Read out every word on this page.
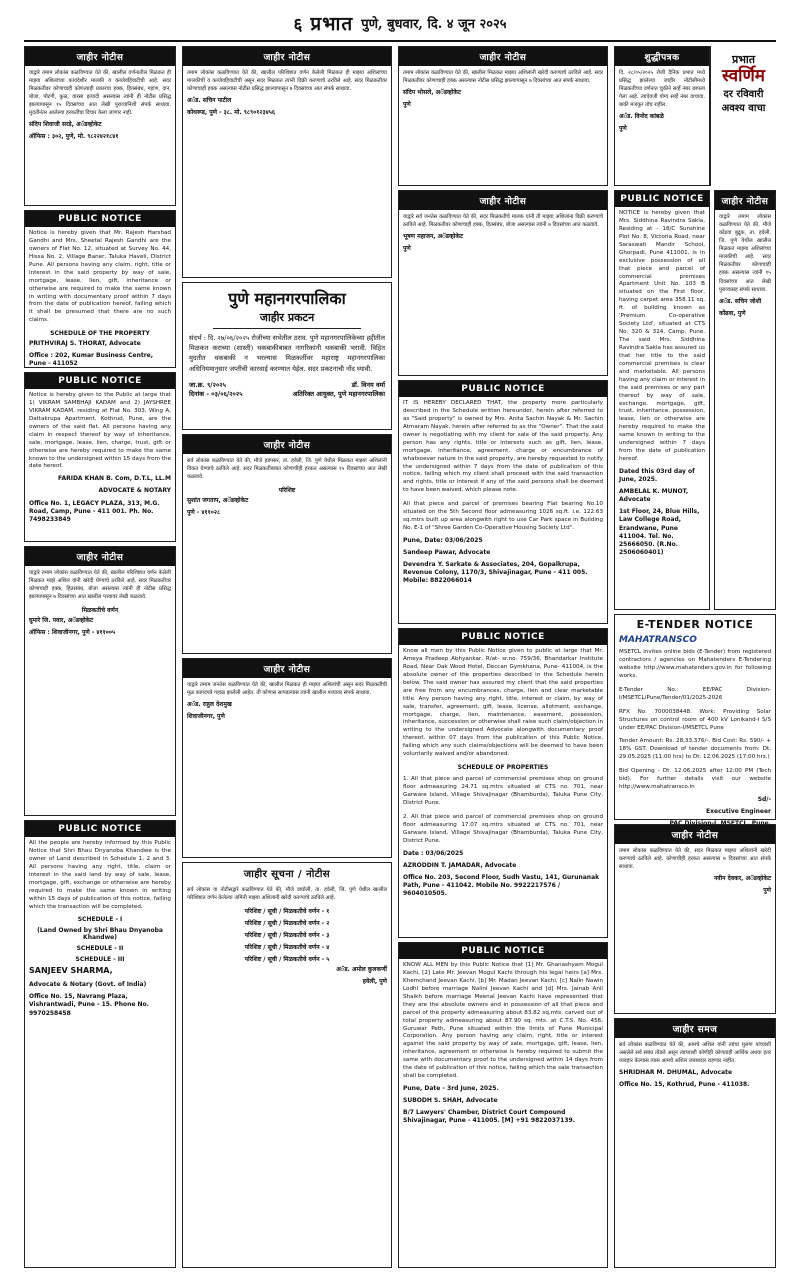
६ प्रभात पुणे, बुधवार, दि. ४ जून २०२५
जाहीर नोटीस
याद्वारे तमाम लोकांस कळविण्यात येते की, खालील वर्णनातील मिळकत ही माझ्या अशिलांच्या कायदेशीर मालकी व कब्जेवहिवाटीची आहे. सदर मिळकतीवर कोणाचाही कोणत्याही प्रकारचा हक्क, हितसंबंध, गहाण, दान, बोजा, पोटगी, कुळ, वारसा इत्यादी असल्यास त्यांनी ही नोटीस प्रसिद्ध झाल्यापासून १५ दिवसांच्या आत लेखी पुराव्यानिशी संपर्क साधावा. मुदतीनंतर आलेल्या हरकतींचा विचार केला जाणार नाही.
संदिप शिवाजी सरडे, अॅडव्होकेट
ऑफिस : ३०२, पुणे, मो. ९८२२४२१८४१
PUBLIC NOTICE
Notice is hereby given that Mr. Rajesh Harshad Gandhi and Mrs. Sheetal Rajesh Gandhi are the owners of Flat No. 12, situated at Survey No. 44, Hissa No. 2, Village Baner, Taluka Haveli, District Pune. All persons having any claim, right, title or interest in the said property by way of sale, mortgage, lease, lien, gift, inheritance or otherwise are required to make the same known in writing with documentary proof within 7 days from the date of publication hereof, failing which it shall be presumed that there are no such claims.
SCHEDULE OF THE PROPERTY
PRITHVIRAJ S. THORAT, Advocate
Office : 202, Kumar Business Centre, Pune - 411052
PUBLIC NOTICE
Notice is hereby given to the Public at large that 1) VIKRAM SAMBHAJI KADAM and 2) JAYSHREE VIKRAM KADAM, residing at Flat No. 303, Wing A, Dattakrupa Apartment, Kothrud, Pune, are the owners of the said flat. All persons having any claim in respect thereof by way of inheritance, sale, mortgage, lease, lien, charge, trust, gift or otherwise are hereby required to make the same known to the undersigned within 15 days from the date hereof.
FARIDA KHAN B. Com, D.T.L, LL.M
ADVOCATE & NOTARY
Office No. 1, LEGACY PLAZA, 313, M.G. Road, Camp, Pune - 411 001. Ph. No. 7498233849
जाहीर नोटीस
याद्वारे तमाम लोकांस कळविण्यात येते की, खालील परिशिष्टात वर्णन केलेली मिळकत माझे अशिल यांनी खरेदी घेण्याचे ठरविले आहे. सदर मिळकतीवर कोणाचाही हक्क, हितसंबंध, बोजा असल्यास त्यांनी ही नोटीस प्रसिद्ध झाल्यापासून ७ दिवसांच्या आत खालील पत्त्यावर लेखी कळवावे.
मिळकतीचे वर्णन
घुमारे जि. पवार, अॅडव्होकेट
ऑफिस : शिवाजीनगर, पुणे - ४११००५
PUBLIC NOTICE
All the people are hereby informed by this Public Notice that Shri Bhau Dnyanoba Khandwe is the owner of Land described in Schedule 1, 2 and 3. All persons having any right, title, claim or interest in the said land by way of sale, lease, mortgage, gift, exchange or otherwise are hereby required to make the same known in writing within 15 days of publication of this notice, failing which the transaction will be completed.
SCHEDULE - I
(Land Owned by Shri Bhau Dnyanoba Khandwe)
SCHEDULE - II
SCHEDULE - III
SANJEEV SHARMA,
Advocate & Notary (Govt. of India)
Office No. 15, Navrang Plaza, Vishrantwadi, Pune - 15. Phone No. 9970258458
जाहीर नोटीस
तमाम लोकांस कळविण्यात येते की, खालील परिशिष्टात वर्णन केलेली मिळकत ही माझ्या अशिलांच्या मालकीची व कब्जेवहिवाटीची असून सदर मिळकत त्यांनी विक्री करण्याचे ठरविले आहे. सदर मिळकतीवर कोणाचाही हक्क असल्यास नोटीस प्रसिद्ध झाल्यापासून ७ दिवसांच्या आत संपर्क साधावा.
अॅड. सचिन पाटील
कोथरूड, पुणे - ३८. मो. ९८९०१२३४५६
पुणे महानगरपालिका
जाहीर प्रकटन
संदर्भ : दि. २७/०६/२०२५ रोजीच्या सभेतील ठराव. पुणे महानगरपालिकेच्या हद्दीतील मिळकत कराच्या (शास्ती) थकबाकीबाबत नागरिकांनी थकबाकी भरावी. विहित मुदतीत थकबाकी न भरल्यास मिळकतींवर महाराष्ट्र महानगरपालिका अधिनियमानुसार जप्तीची कारवाई करण्यात येईल. सदर प्रकटनाची नोंद घ्यावी.
जा.क्र. ९/२०२५
दिनांक - ०३/०६/२०२५
डॉ. विनय वर्मा
अतिरिक्त आयुक्त, पुणे महानगरपालिका
जाहीर नोटीस
सर्व लोकांस कळविण्यात येते की, मौजे हडपसर, ता. हवेली, जि. पुणे येथील मिळकत माझ्या अशिलांनी विकत घेण्याचे ठरविले आहे. सदर मिळकतीबाबत कोणाचीही हरकत असल्यास १५ दिवसांच्या आत लेखी कळवावे.
परिशिष्ट
सुशांत जगताप, अॅडव्होकेट
पुणे - ४११०२८
जाहीर नोटीस
याद्वारे तमाम जनतेस कळविण्यात येते की, खालील मिळकत ही माझ्या अशिलांची असून सदर मिळकतीची मूळ कागदपत्रे गहाळ झालेली आहेत. ती कोणास सापडल्यास त्यांनी खालील पत्त्यावर संपर्क साधावा.
अॅड. राहुल देशमुख
शिवाजीनगर, पुणे
जाहीर सूचना / नोटीस
सर्व लोकांस या नोटीसद्वारे कळविण्यात येते की, मौजे वाघोली, ता. हवेली, जि. पुणे येथील खालील परिशिष्टात वर्णन केलेल्या जमिनी माझ्या अशिलांनी खरेदी करण्याचे ठरविले आहे.
परिशिष्ट / सूची / मिळकतीचे वर्णन - १
परिशिष्ट / सूची / मिळकतीचे वर्णन - २
परिशिष्ट / सूची / मिळकतीचे वर्णन - ३
परिशिष्ट / सूची / मिळकतीचे वर्णन - ४
परिशिष्ट / सूची / मिळकतीचे वर्णन - ५
अॅड. अमोल कुलकर्णी
हवेली, पुणे
जाहीर नोटीस
तमाम लोकांस कळविण्यात येते की, खालील मिळकत माझ्या अशिलांनी खरेदी करण्याचे ठरविले आहे. सदर मिळकतीवर कोणाचाही हक्क असल्यास नोटीस प्रसिद्ध झाल्यापासून ७ दिवसांच्या आत संपर्क साधावा.
संदिप भोसले, अॅडव्होकेट
पुणे
जाहीर नोटीस
याद्वारे सर्व जनतेस कळविण्यात येते की, सदर मिळकतीचे मालक यांनी ती माझ्या अशिलांना विक्री करण्याचे ठरविले आहे. मिळकतीवर कोणाचाही हक्क, हितसंबंध, बोजा असल्यास त्यांनी ७ दिवसांच्या आत कळवावे.
भूषण महाजन, अॅडव्होकेट
पुणे
PUBLIC NOTICE
IT IS HEREBY DECLARED THAT, the property more particularly described in the Schedule written hereunder, herein after referred to as "Said property" is owned by Mrs. Anita Sachin Nayak & Mr. Sachin Atmaram Nayak, herein after referred to as the "Owner". That the said owner is negotiating with my client for sale of the said property. Any person has any rights, title or interests such as gift, lien, lease, mortgage, inheritance, agreement, charge or encumbrance of whatsoever nature in the said property, are hereby requested to notify the undersigned within 7 days from the date of publication of this notice, failing which my client shall proceed with the said transaction and rights, title or interest if any of the said persons shall be deemed to have been waived, which please note.
All that piece and parcel of premises bearing Flat bearing No.10 situated on the 5th Second floor admeasuring 1026 sq.ft. i.e. 122.63 sq.mtrs built up area alongwith right to use Car Park space in Building No. E-1 of "Shree Garden Co-Operative Housing Society Ltd".
Pune, Date: 03/06/2025
Sandeep Pawar, Advocate
Devendra Y. Sarkate & Associates, 204, Gopalkrupa, Revenue Colony, 1170/3, Shivajinagar, Pune - 411 005. Mobile: 8822066014
PUBLIC NOTICE
Know all men by this Public Notice given to public at large that Mr. Ameya Pradeep Abhyankar, R/at- sr.no. 759/36, Bhandarkar Institute Road, Near Oak Wood Hotel, Deccan Gymkhana, Pune- 411004, is the absolute owner of the properties described in the Schedule herein below. The said owner has assured my client that the said properties are free from any encumbrances, charge, lien and clear marketable title. Any person having any right, title, interest or claim, by way of sale, transfer, agreement, gift, lease, license, allotment, exchange, mortgage, charge, lien, maintenance, easement, possession, inheritance, succession or otherwise shall raise such claim/objection in writing to the undersigned Advocate alongwith documentary proof thereof, within 07 days from the publication of this Public Notice, failing which any such claims/objections will be deemed to have been voluntarily waived and/or abandoned.
SCHEDULE OF PROPERTIES
1. All that piece and parcel of commercial premises shop on ground floor admeasuring 24.71 sq.mtrs situated at CTS no. 701, near Garware Island, Village Shivajinagar (Bhamburda), Taluka Pune City, District Pune.
2. All that piece and parcel of commercial premises shop on ground floor admeasuring 17.07 sq.mtrs situated at CTS no. 701, near Garware Island, Village Shivajinagar (Bhamburda), Taluka Pune City, District Pune.
Date : 03/06/2025
AZRODDIN T. JAMADAR, Advocate
Office No. 203, Second Floor, Sudh Vastu, 141, Gurunanak Path, Pune - 411042. Mobile No. 9922217576 / 9604010505.
PUBLIC NOTICE
KNOW ALL MEN by this Public Notice that [1] Mr. Ghanashyam Mogul Kachi, [2] Late Mr. Jeevan Mogul Kachi through his legal heirs [a] Mrs. Khemchand Jeevan Kachi, [b] Mr. Madan Jeevan Kachi, [c] Nalin Nawin Lodhi before marriage Nalini Jeevan Kachi and [d] Mrs. Jainab Anil Shaikh before marriage Meenal Jeevan Kachi have represented that they are the absolute owners and in possession of all that piece and parcel of the property admeasuring about 83.82 sq.mts. carved out of total property admeasuring about 87.90 sq. mts. at C.T.S. No. 456, Guruwar Peth, Pune situated within the limits of Pune Municipal Corporation. Any person having any claim, right, title or interest against the said property by way of sale, mortgage, gift, lease, lien, inheritance, agreement or otherwise is hereby required to submit the same with documentary proof to the undersigned within 14 days from the date of publication of this notice, failing which the sale transaction shall be completed.
Pune, Date - 3rd June, 2025.
SUBODH S. SHAH, Advocate
B/7 Lawyers' Chamber, District Court Compound Shivajinagar, Pune - 411005. [M] +91 9822037139.
शुद्धीपत्रक
दि. २८/०५/२०२५ रोजी दैनिक प्रभात मध्ये प्रसिद्ध झालेल्या जाहीर नोटीसीमध्ये मिळकतीच्या वर्णनात चुकीने सर्व्हे नंबर छापला गेला आहे. त्याऐवजी योग्य सर्व्हे नंबर वाचावा. बाकी मजकूर तोच राहील.
अॅड. विनोद कांबळे
पुणे
प्रभात
स्वर्णिम
दर रविवारी
अवश्य वाचा
PUBLIC NOTICE
NOTICE is hereby given that Mrs. Siddhina Ravindra Sakla, Residing at - 18/C Sunshine Plot No. 8, Victoria Road, near Saraswati Mandir School, Ghorpadi, Pune 411001, is in exclusive possession of all that piece and parcel of commercial premises Apartment Unit No. 103 B situated on the First floor, having carpet area 358.11 sq. ft. of building known as 'Premium Co-operative Society Ltd', situated at CTS No. 320 & 324, Camp, Pune. The said Mrs. Siddhina Ravindra Sakla has assured us that her title to the said commercial premises is clear and marketable. All persons having any claim or interest in the said premises or any part thereof by way of sale, exchange, mortgage, gift, trust, inheritance, possession, lease, lien or otherwise are hereby required to make the same known in writing to the undersigned within 7 days from the date of publication hereof.
Dated this 03rd day of June, 2025.
AMBELAL K. MUNOT, Advocate
1st Floor, 24, Blue Hills, Law College Road, Erandwane, Pune 411004. Tel. No. 25666050. (R.No. 2506060401)
जाहीर नोटीस
याद्वारे तमाम लोकांस कळविण्यात येते की, मौजे कोंढवा बुद्रुक, ता. हवेली, जि. पुणे येथील खालील मिळकत माझ्या अशिलांच्या मालकीची आहे. सदर मिळकतीवर कोणाचाही हक्क असल्यास त्यांनी १५ दिवसांच्या आत लेखी पुराव्यासह संपर्क साधावा.
अॅड. सचिन जोशी
कोंढवा, पुणे
E-TENDER NOTICE
MAHATRANSCO
MSETCL invites online bids (E-Tender) from registered contractors / agencies on Mahatenders E-Tendering website http://www.mahatenders.gov.in for following works.
E-Tender No.: EE/PAC Division-I/MSETCL/Pune/Tender/01/2025-2026
RFX No. 7000038448. Work: Providing Solar Structures on control room of 400 kV Lonikand-I S/S under EE/PAC Division-I/MSETCL Pune
Tender Amount: Rs. 28,33,376/-. Bid Cost: Rs. 590/- + 18% GST. Download of tender documents from: Dt. 29.05.2025 (11:00 hrs) to Dt. 12.06.2025 (17:00 hrs.)
Bid Opening - Dt. 12.06.2025 after 12:00 PM (Tech bid). For further details visit our website http://www.mahatransco.in
Sd/-
Executive Engineer
जाहीर नोटीस
तमाम लोकांस कळविण्यात येते की, सदर मिळकत माझ्या अशिलांनी खरेदी करण्याचे ठरविले आहे. कोणाचीही हरकत असल्यास ७ दिवसांच्या आत संपर्क साधावा.
नवीन देवकर, अॅडव्होकेट
पुणे
जाहीर समज
सर्व लोकांस कळविण्यात येते की, आमचे अशिल यांनी त्यांचा मुलगा यांच्याशी असलेले सर्व संबंध तोडले असून त्याच्याशी कोणीही कोणताही आर्थिक अथवा इतर व्यवहार केल्यास त्यास आमचे अशिल जबाबदार राहणार नाहीत.
SHRIDHAR M. DHUMAL, Advocate
Office No. 15, Kothrud, Pune - 411038.
